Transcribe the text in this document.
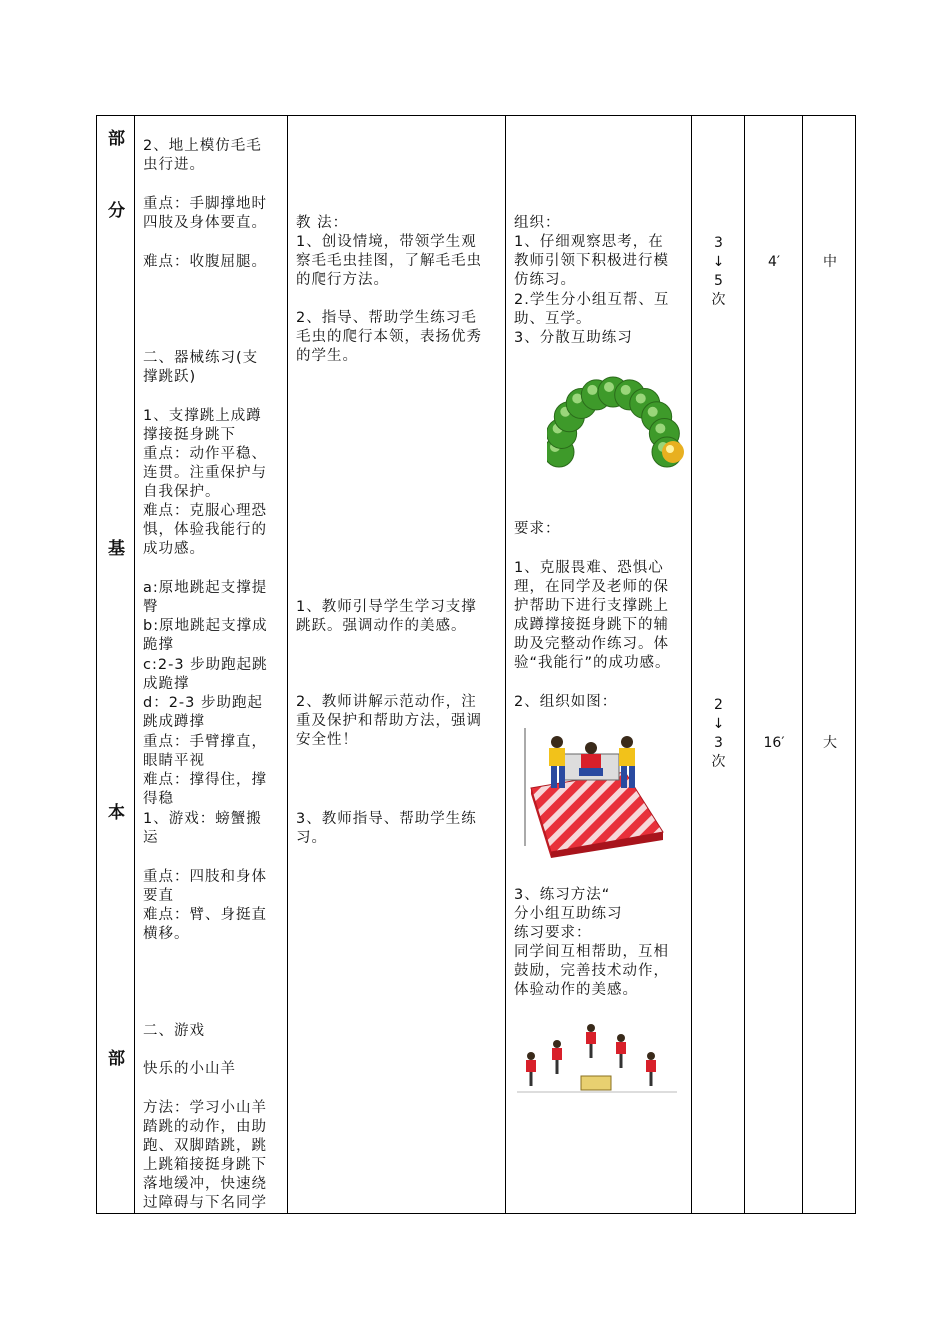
部
分
基
本
部
2、地上模仿毛毛
虫行进。
重点：手脚撑地时
四肢及身体要直。
难点：收腹屈腿。
二、器械练习(支
撑跳跃)
1、支撑跳上成蹲
撑接挺身跳下
重点：动作平稳、
连贯。注重保护与
自我保护。
难点：克服心理恐
惧，体验我能行的
成功感。
a:原地跳起支撑提
臀
b:原地跳起支撑成
跪撑
c:2-3 步助跑起跳
成跪撑
d：2-3 步助跑起
跳成蹲撑
重点：手臂撑直，
眼睛平视
难点：撑得住，撑
得稳
1、游戏：螃蟹搬
运
重点：四肢和身体
要直
难点：臂、身挺直
横移。
二、游戏
快乐的小山羊
方法：学习小山羊
踏跳的动作，由助
跑、双脚踏跳，跳
上跳箱接挺身跳下
落地缓冲，快速绕
过障碍与下名同学
教 法：
1、创设情境，带领学生观
察毛毛虫挂图，了解毛毛虫
的爬行方法。
2、指导、帮助学生练习毛
毛虫的爬行本领，表扬优秀
的学生。
1、教师引导学生学习支撑
跳跃。强调动作的美感。
2、教师讲解示范动作，注
重及保护和帮助方法，强调
安全性！
3、教师指导、帮助学生练
习。
组织：
1、仔细观察思考，在
教师引领下积极进行模
仿练习。
2.学生分小组互帮、互
助、互学。
3、分散互助练习
要求：
1、克服畏难、恐惧心
理，在同学及老师的保
护帮助下进行支撑跳上
成蹲撑接挺身跳下的辅
助及完整动作练习。体
验“我能行”的成功感。
2、组织如图：
3、练习方法“
分小组互助练习
练习要求：
同学间互相帮助，互相
鼓励，完善技术动作，
体验动作的美感。
3
↓
5
次
2
↓
3
次
4′
16′
中
大
